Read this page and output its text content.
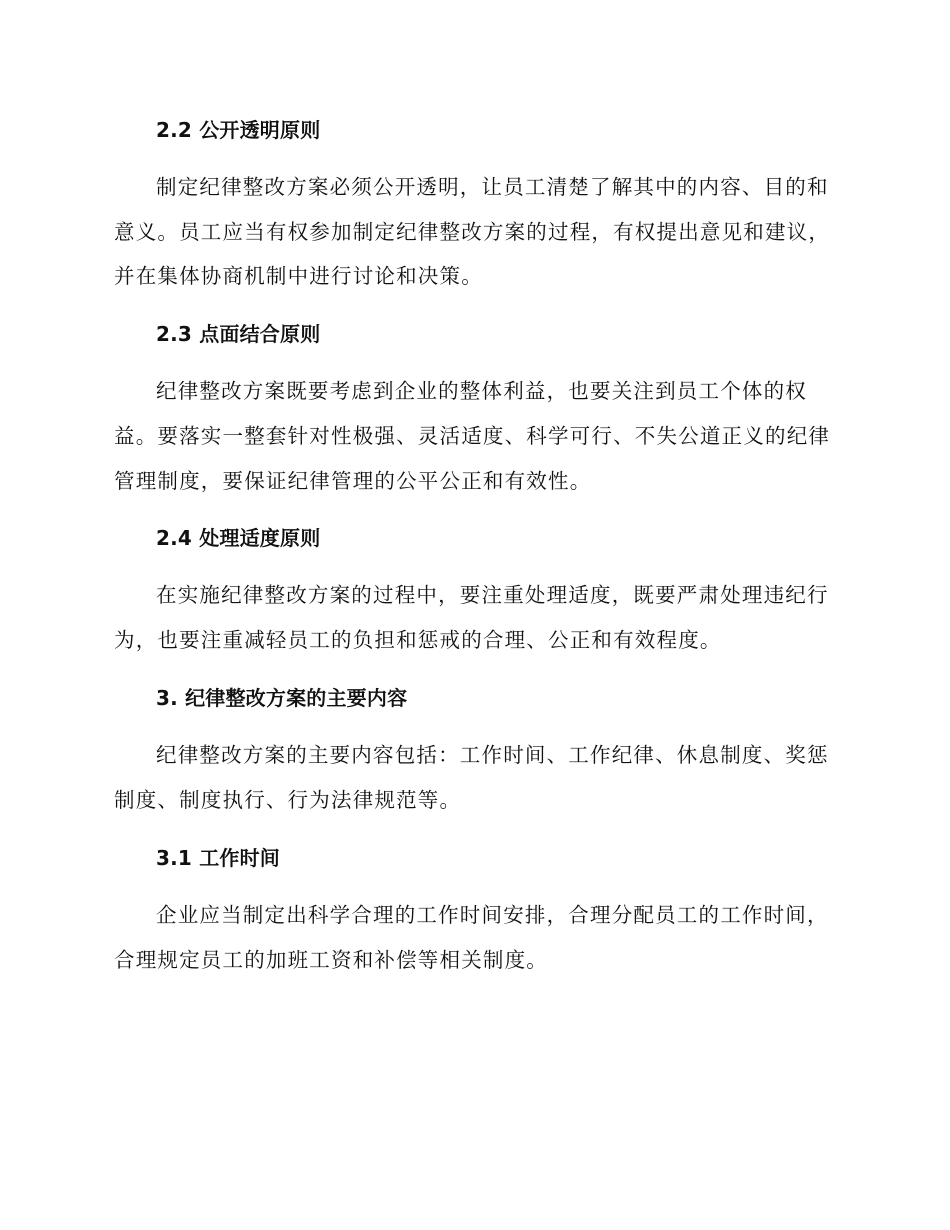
2.2 公开透明原则
制定纪律整改方案必须公开透明，让员工清楚了解其中的内容、目的和
意义。员工应当有权参加制定纪律整改方案的过程，有权提出意见和建议，
并在集体协商机制中进行讨论和决策。
2.3 点面结合原则
纪律整改方案既要考虑到企业的整体利益，也要关注到员工个体的权
益。要落实一整套针对性极强、灵活适度、科学可行、不失公道正义的纪律
管理制度，要保证纪律管理的公平公正和有效性。
2.4 处理适度原则
在实施纪律整改方案的过程中，要注重处理适度，既要严肃处理违纪行
为，也要注重减轻员工的负担和惩戒的合理、公正和有效程度。
3. 纪律整改方案的主要内容
纪律整改方案的主要内容包括：工作时间、工作纪律、休息制度、奖惩
制度、制度执行、行为法律规范等。
3.1 工作时间
企业应当制定出科学合理的工作时间安排，合理分配员工的工作时间，
合理规定员工的加班工资和补偿等相关制度。
